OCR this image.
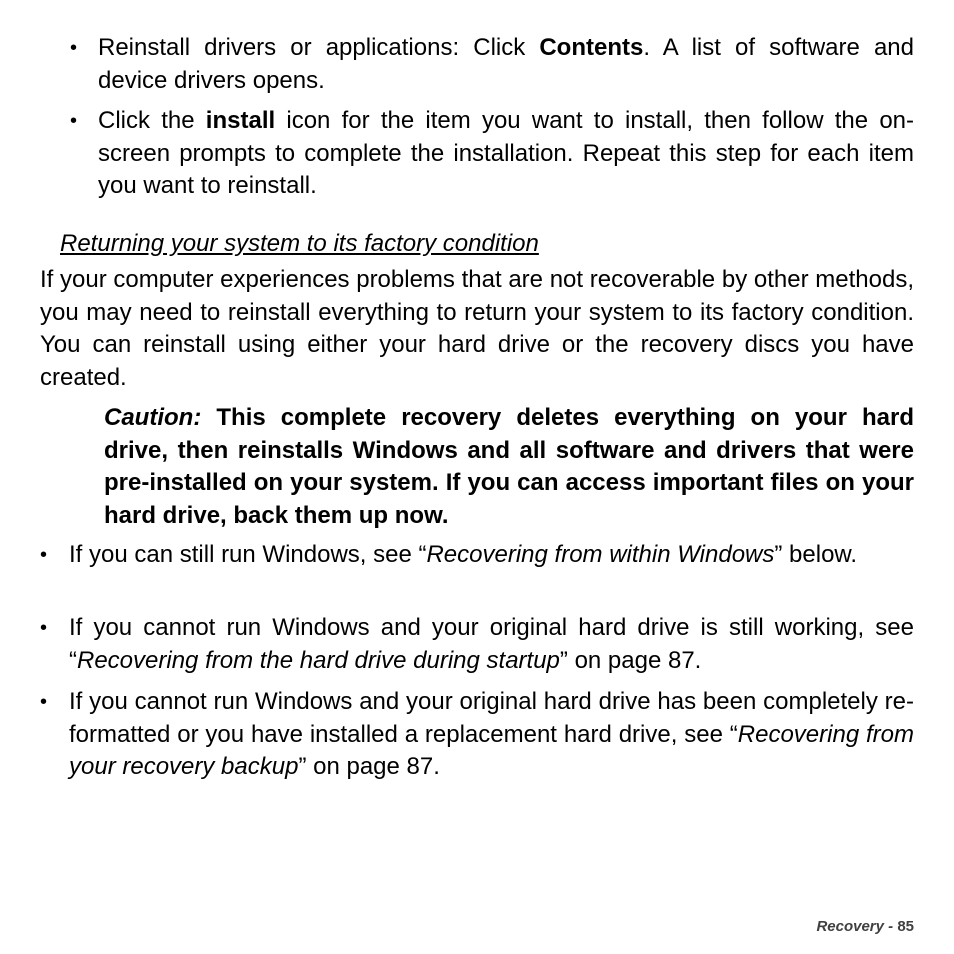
• Reinstall drivers or applications: Click Contents. A list of software and device drivers opens.
• Click the install icon for the item you want to install, then follow the on-screen prompts to complete the installation. Repeat this step for each item you want to reinstall.
Returning your system to its factory condition
If your computer experiences problems that are not recoverable by other methods, you may need to reinstall everything to return your system to its factory condition. You can reinstall using either your hard drive or the recovery discs you have created.
Caution: This complete recovery deletes everything on your hard drive, then reinstalls Windows and all software and drivers that were pre-installed on your system. If you can access important files on your hard drive, back them up now.
• If you can still run Windows, see “Recovering from within Windows” below.
• If you cannot run Windows and your original hard drive is still working, see “Recovering from the hard drive during startup” on page 87.
• If you cannot run Windows and your original hard drive has been completely re-formatted or you have installed a replacement hard drive, see “Recovering from your recovery backup” on page 87.
Recovery - 85
